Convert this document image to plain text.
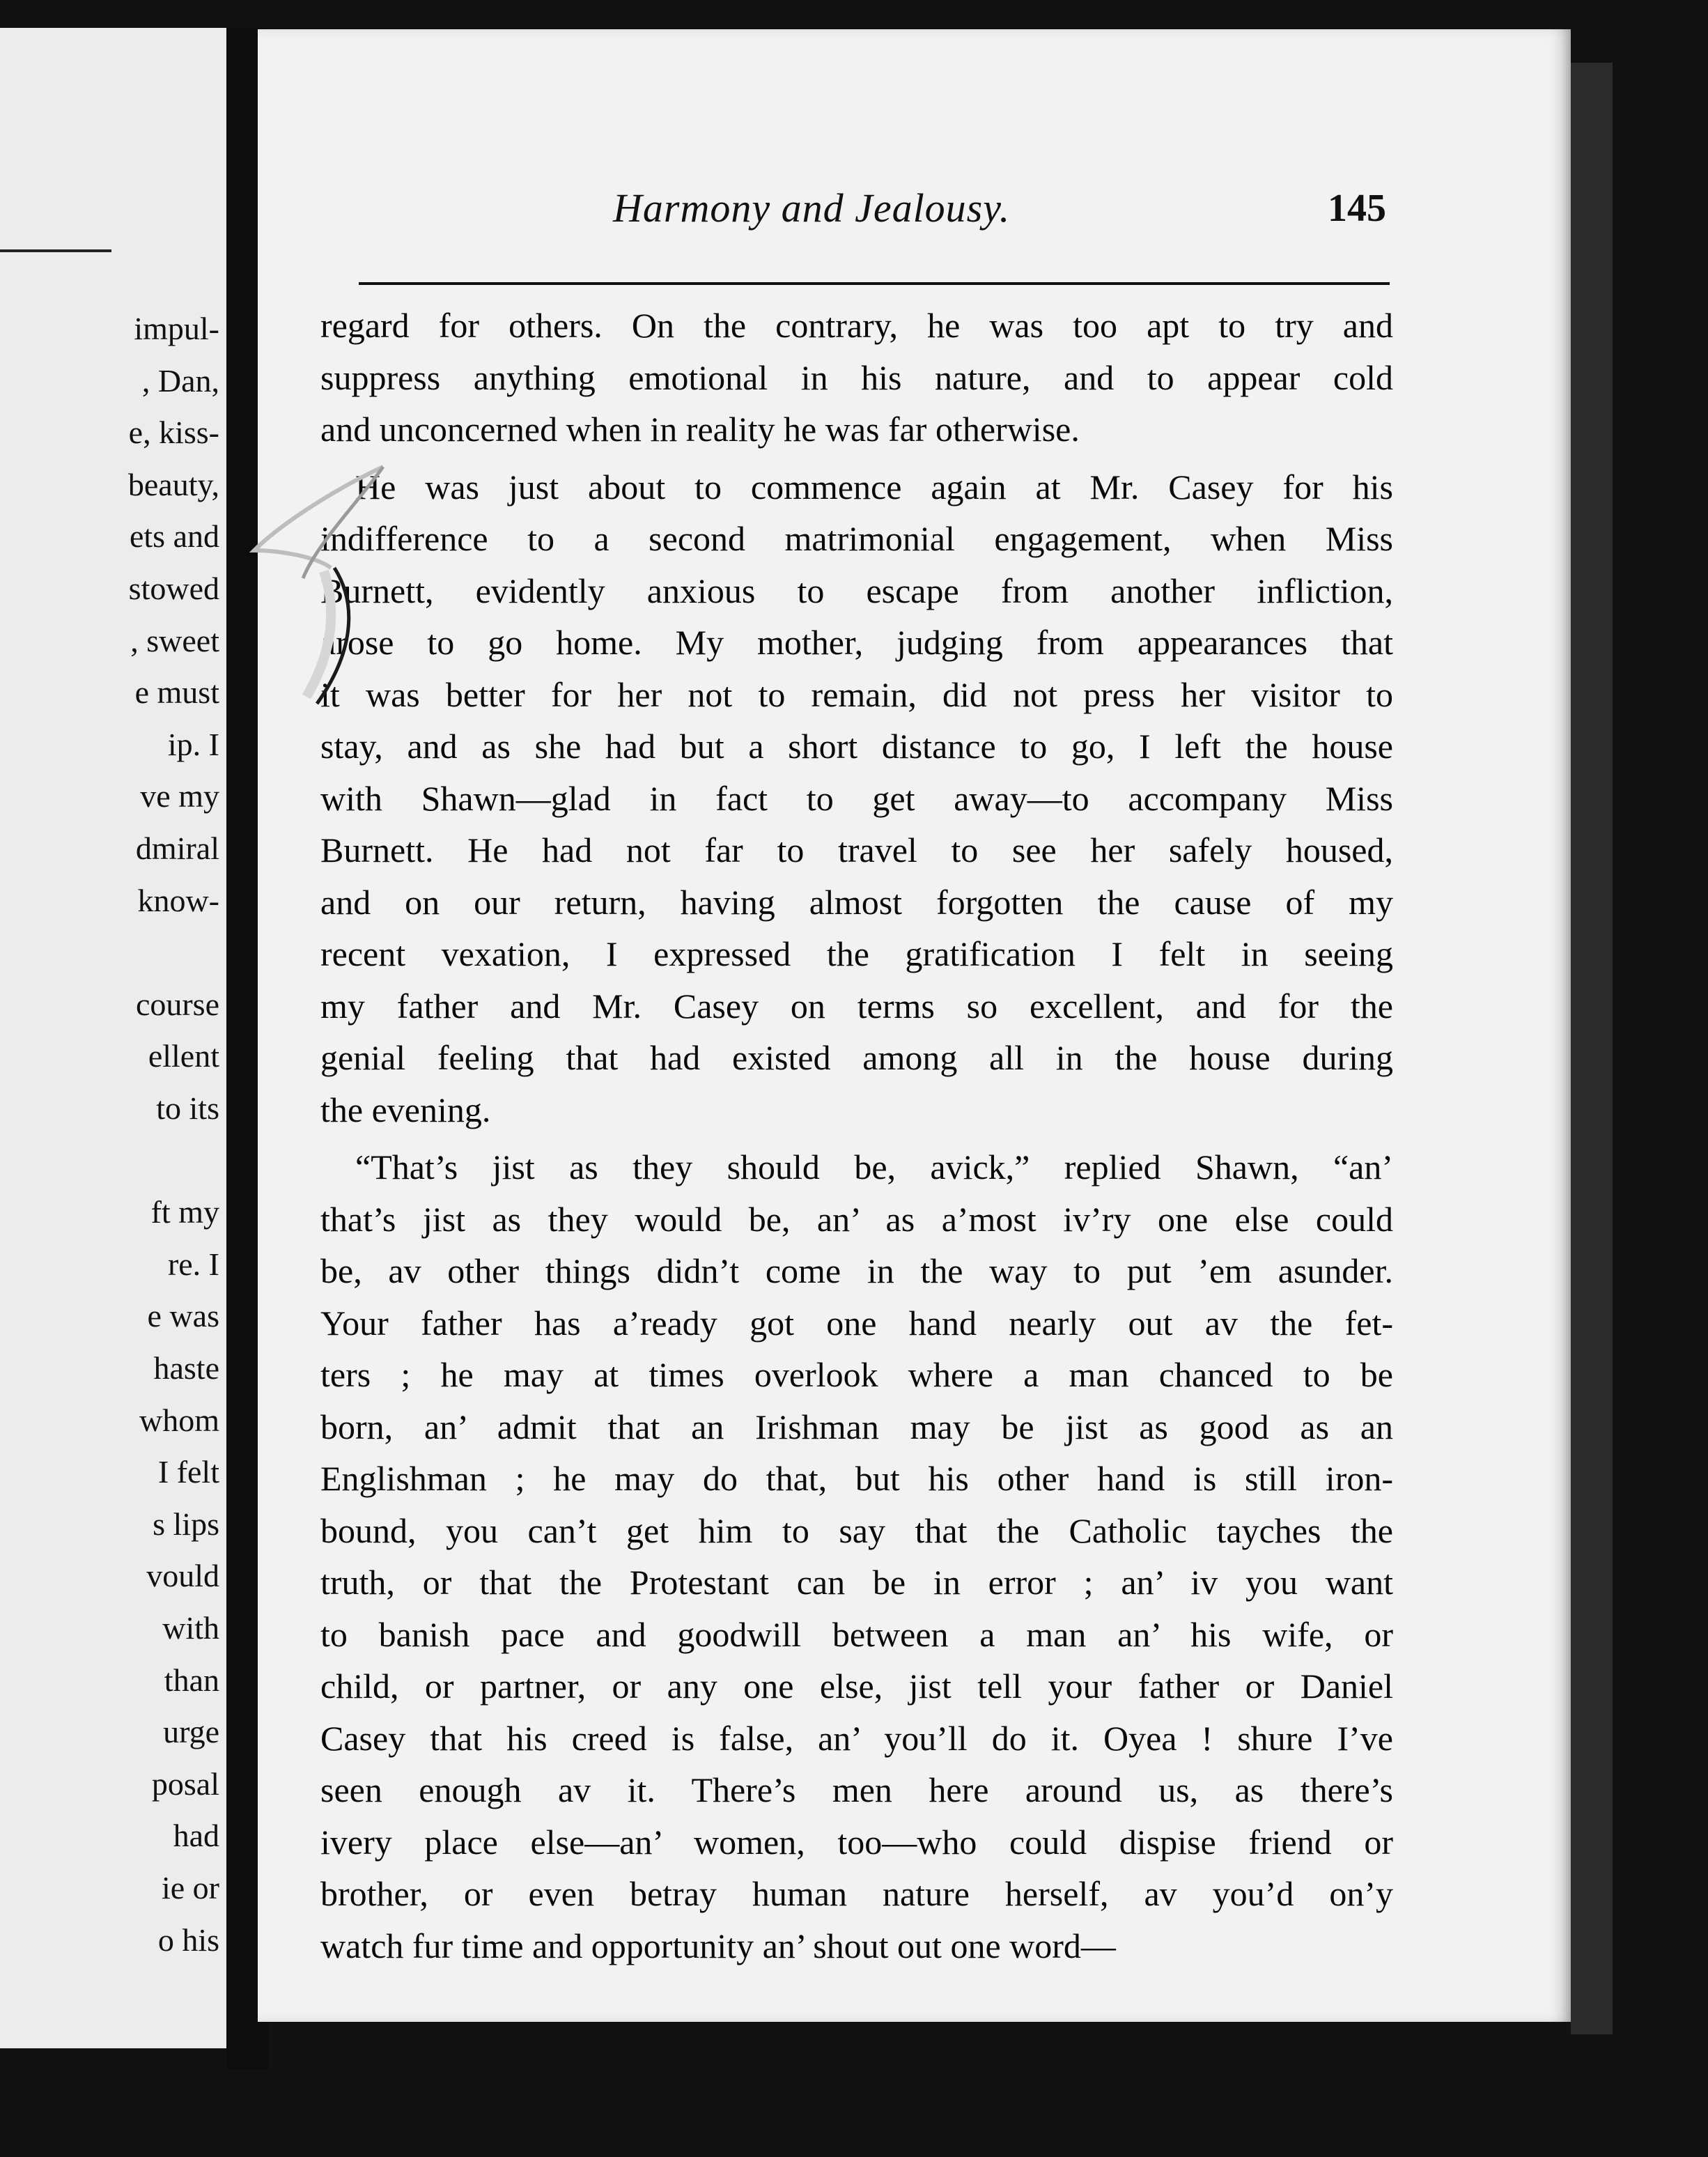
impul-
, Dan,
e, kiss-
beauty,
ets and
stowed
, sweet
e must
ip. I
ve my
dmiral
know-
course
ellent
to its
ft my
re. I
e was
haste
whom
I felt
s lips
vould
with
than
urge
posal
had
ie or
o his
Harmony and Jealousy.	145
regard for others. On the contrary, he was too apt to try and
suppress anything emotional in his nature, and to appear cold
and unconcerned when in reality he was far otherwise.
He was just about to commence again at Mr. Casey for his
indifference to a second matrimonial engagement, when Miss
Burnett, evidently anxious to escape from another infliction,
arose to go home. My mother, judging from appearances that
it was better for her not to remain, did not press her visitor to
stay, and as she had but a short distance to go, I left the house
with Shawn—glad in fact to get away—to accompany Miss
Burnett. He had not far to travel to see her safely housed,
and on our return, having almost forgotten the cause of my
recent vexation, I expressed the gratification I felt in seeing
my father and Mr. Casey on terms so excellent, and for the
genial feeling that had existed among all in the house during
the evening.
“That’s jist as they should be, avick,” replied Shawn, “an’
that’s jist as they would be, an’ as a’most iv’ry one else could
be, av other things didn’t come in the way to put ’em asunder.
Your father has a’ready got one hand nearly out av the fet-
ters ; he may at times overlook where a man chanced to be
born, an’ admit that an Irishman may be jist as good as an
Englishman ; he may do that, but his other hand is still iron-
bound, you can’t get him to say that the Catholic tayches the
truth, or that the Protestant can be in error ; an’ iv you want
to banish pace and goodwill between a man an’ his wife, or
child, or partner, or any one else, jist tell your father or Daniel
Casey that his creed is false, an’ you’ll do it. Oyea ! shure I’ve
seen enough av it. There’s men here around us, as there’s
ivery place else—an’ women, too—who could dispise friend or
brother, or even betray human nature herself, av you’d on’y
watch fur time and opportunity an’ shout out one word—
